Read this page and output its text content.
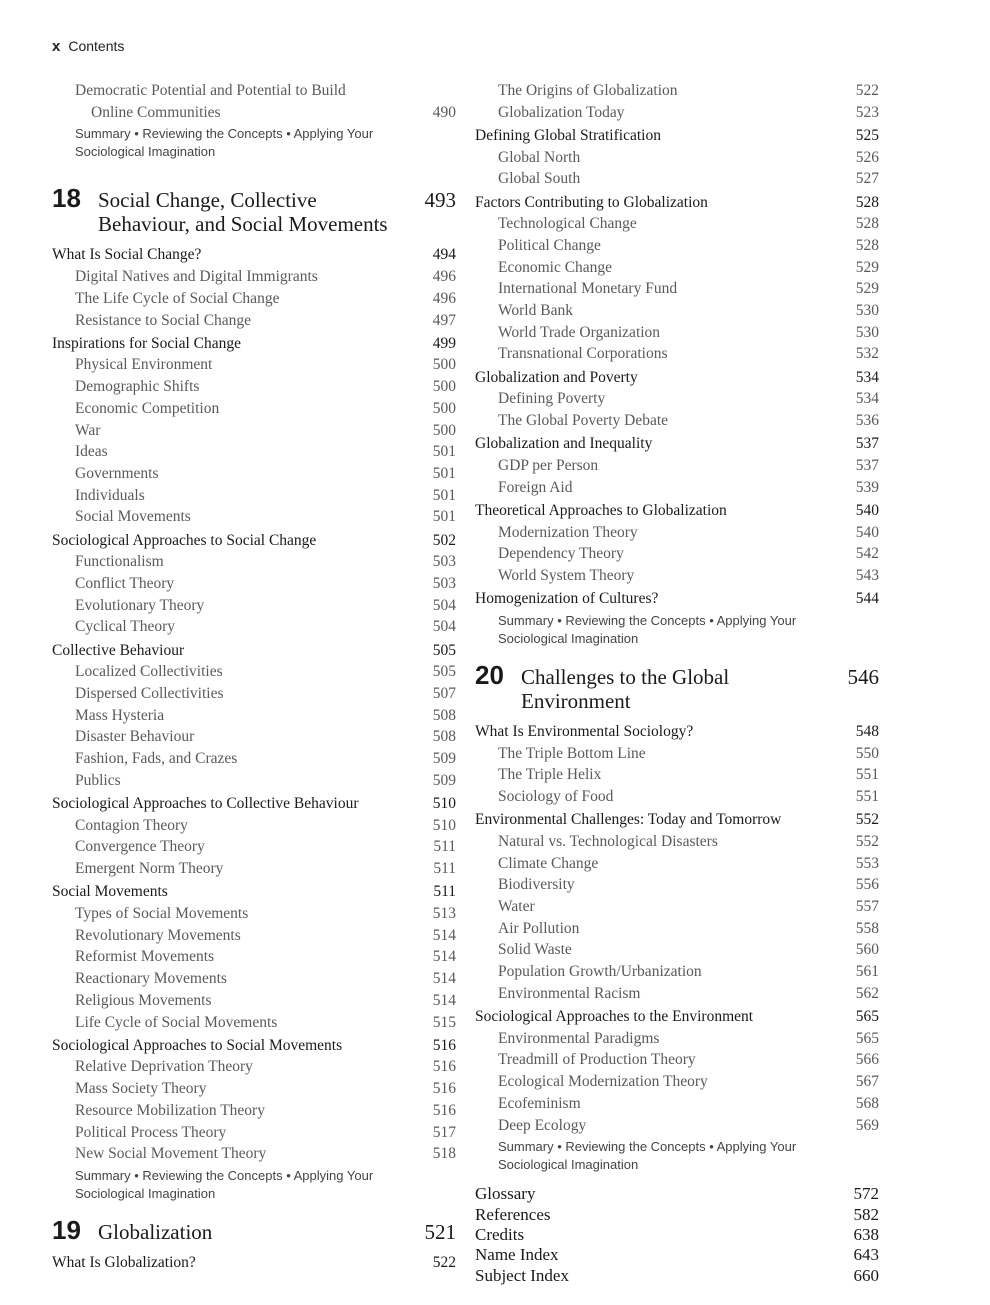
x Contents
Democratic Potential and Potential to Build
Online Communities	490
Summary • Reviewing the Concepts • Applying Your
Sociological Imagination
18 Social Change, Collective
Behaviour, and Social Movements
493
What Is Social Change?	494
Digital Natives and Digital Immigrants	496
The Life Cycle of Social Change	496
Resistance to Social Change	497
Inspirations for Social Change	499
Physical Environment	500
Demographic Shifts	500
Economic Competition	500
War	500
Ideas	501
Governments	501
Individuals	501
Social Movements	501
Sociological Approaches to Social Change	502
Functionalism	503
Conflict Theory	503
Evolutionary Theory	504
Cyclical Theory	504
Collective Behaviour	505
Localized Collectivities	505
Dispersed Collectivities	507
Mass Hysteria	508
Disaster Behaviour	508
Fashion, Fads, and Crazes	509
Publics	509
Sociological Approaches to Collective Behaviour	510
Contagion Theory	510
Convergence Theory	511
Emergent Norm Theory	511
Social Movements	511
Types of Social Movements	513
Revolutionary Movements	514
Reformist Movements	514
Reactionary Movements	514
Religious Movements	514
Life Cycle of Social Movements	515
Sociological Approaches to Social Movements	516
Relative Deprivation Theory	516
Mass Society Theory	516
Resource Mobilization Theory	516
Political Process Theory	517
New Social Movement Theory	518
Summary • Reviewing the Concepts • Applying Your
Sociological Imagination
19 Globalization	521
What Is Globalization?	522
The Origins of Globalization	522
Globalization Today	523
Defining Global Stratification	525
Global North	526
Global South	527
Factors Contributing to Globalization	528
Technological Change	528
Political Change	528
Economic Change	529
International Monetary Fund	529
World Bank	530
World Trade Organization	530
Transnational Corporations	532
Globalization and Poverty	534
Defining Poverty	534
The Global Poverty Debate	536
Globalization and Inequality	537
GDP per Person	537
Foreign Aid	539
Theoretical Approaches to Globalization	540
Modernization Theory	540
Dependency Theory	542
World System Theory	543
Homogenization of Cultures?	544
Summary • Reviewing the Concepts • Applying Your
Sociological Imagination
20 Challenges to the Global Environment
546
What Is Environmental Sociology?	548
The Triple Bottom Line	550
The Triple Helix	551
Sociology of Food	551
Environmental Challenges: Today and Tomorrow	552
Natural vs. Technological Disasters	552
Climate Change	553
Biodiversity	556
Water	557
Air Pollution	558
Solid Waste	560
Population Growth/Urbanization	561
Environmental Racism	562
Sociological Approaches to the Environment	565
Environmental Paradigms	565
Treadmill of Production Theory	566
Ecological Modernization Theory	567
Ecofeminism	568
Deep Ecology	569
Summary • Reviewing the Concepts • Applying Your
Sociological Imagination
Glossary	572
References	582
Credits	638
Name Index	643
Subject Index	660
